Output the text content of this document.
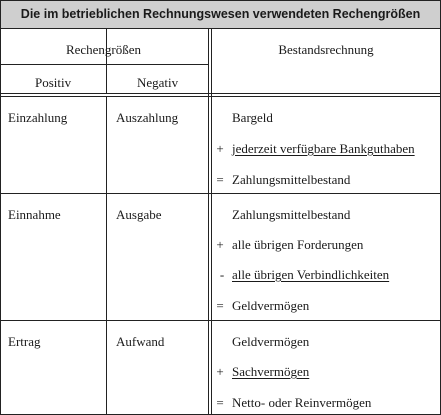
Die im betrieblichen Rechnungswesen verwendeten Rechengrößen
Rechengrößen
Positiv	Negativ
Bestandsrechnung
Einzahlung	Auszahlung	Bargeld
+ jederzeit verfügbare Bankguthaben
= Zahlungsmittelbestand
Einnahme	Ausgabe	Zahlungsmittelbestand
+ alle übrigen Forderungen
- alle übrigen Verbindlichkeiten
= Geldvermögen
Ertrag	Aufwand	Geldvermögen
+ Sachvermögen
= Netto- oder Reinvermögen
